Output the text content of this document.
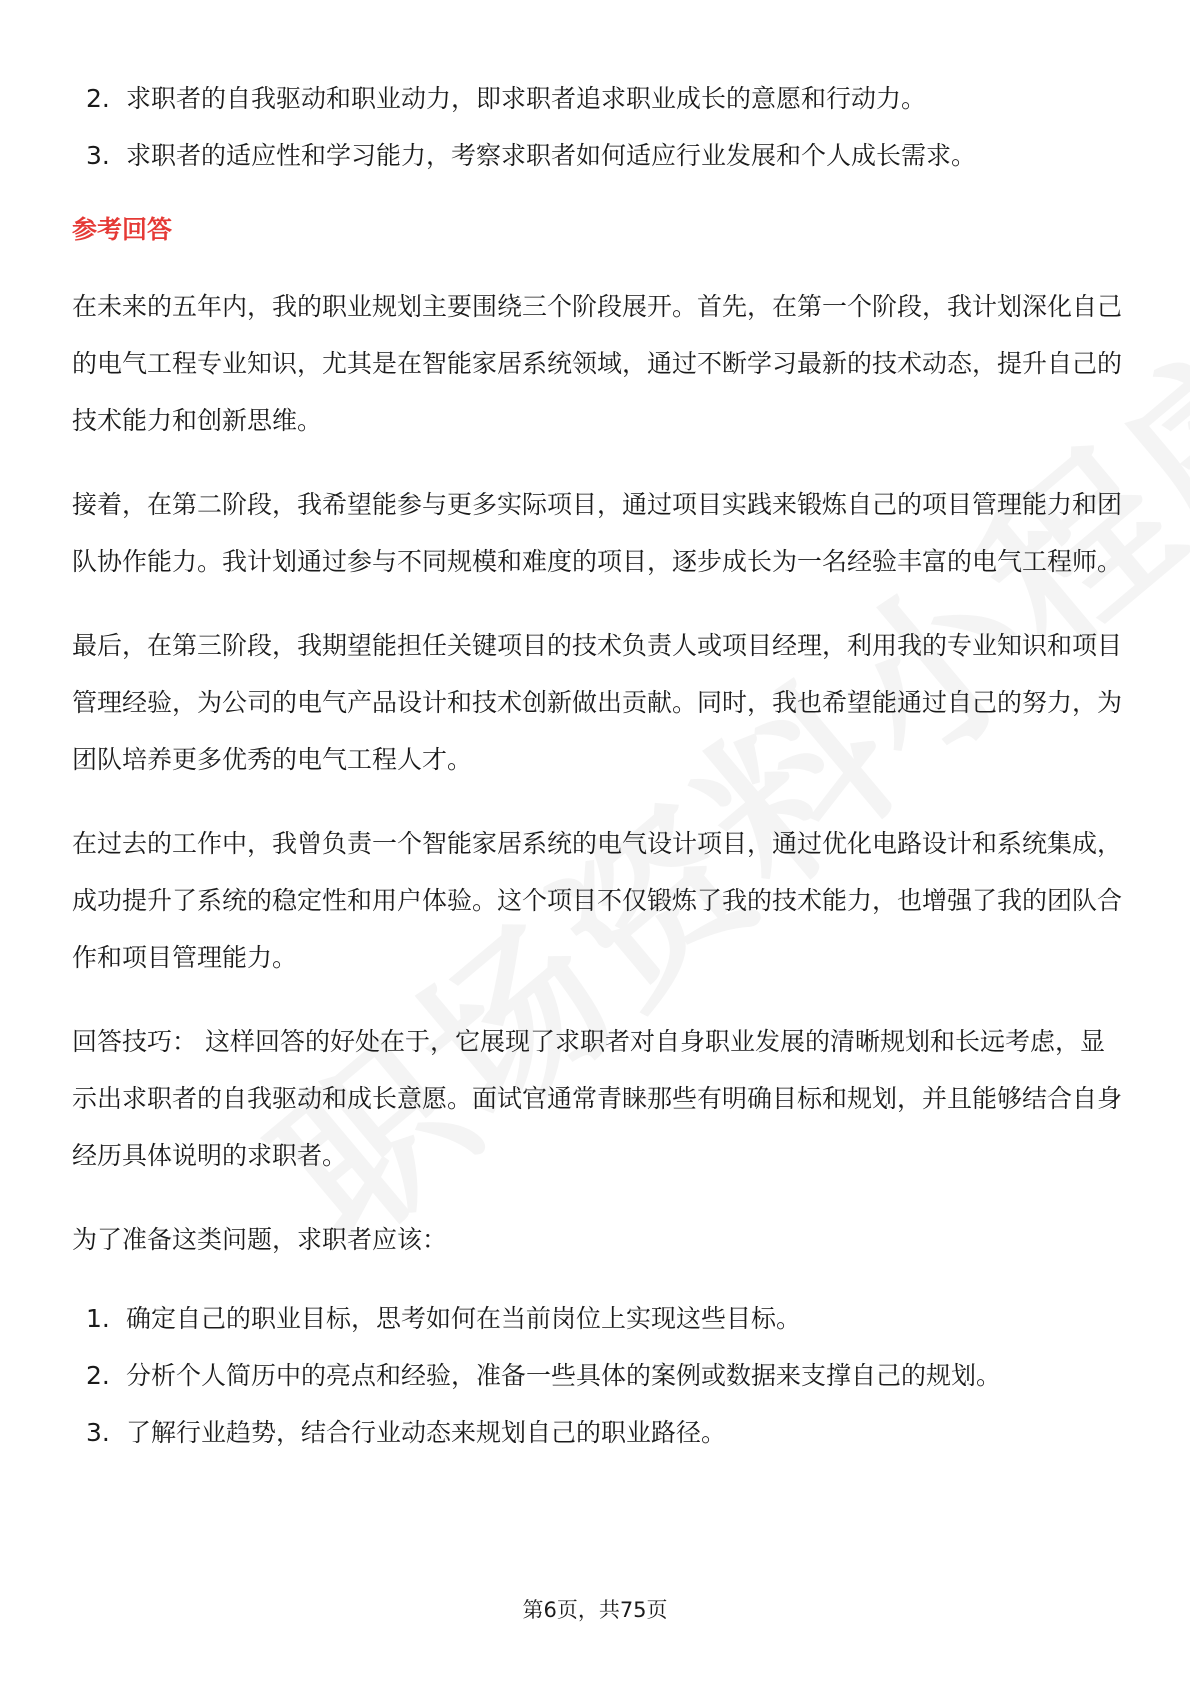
2. 求职者的自我驱动和职业动力，即求职者追求职业成长的意愿和行动力。
3. 求职者的适应性和学习能力，考察求职者如何适应行业发展和个人成长需求。
参考回答

在未来的五年内，我的职业规划主要围绕三个阶段展开。首先，在第一个阶段，我计划深化自己的电气工程专业知识，尤其是在智能家居系统领域，通过不断学习最新的技术动态，提升自己的技术能力和创新思维。

接着，在第二阶段，我希望能参与更多实际项目，通过项目实践来锻炼自己的项目管理能力和团队协作能力。我计划通过参与不同规模和难度的项目，逐步成长为一名经验丰富的电气工程师。

最后，在第三阶段，我期望能担任关键项目的技术负责人或项目经理，利用我的专业知识和项目管理经验，为公司的电气产品设计和技术创新做出贡献。同时，我也希望能通过自己的努力，为团队培养更多优秀的电气工程人才。

在过去的工作中，我曾负责一个智能家居系统的电气设计项目，通过优化电路设计和系统集成，成功提升了系统的稳定性和用户体验。这个项目不仅锻炼了我的技术能力，也增强了我的团队合作和项目管理能力。

回答技巧： 这样回答的好处在于，它展现了求职者对自身职业发展的清晰规划和长远考虑，显示出求职者的自我驱动和成长意愿。面试官通常青睐那些有明确目标和规划，并且能够结合自身经历具体说明的求职者。

为了准备这类问题，求职者应该：

1. 确定自己的职业目标，思考如何在当前岗位上实现这些目标。
2. 分析个人简历中的亮点和经验，准备一些具体的案例或数据来支撑自己的规划。
3. 了解行业趋势，结合行业动态来规划自己的职业路径。
第6页，共75页
